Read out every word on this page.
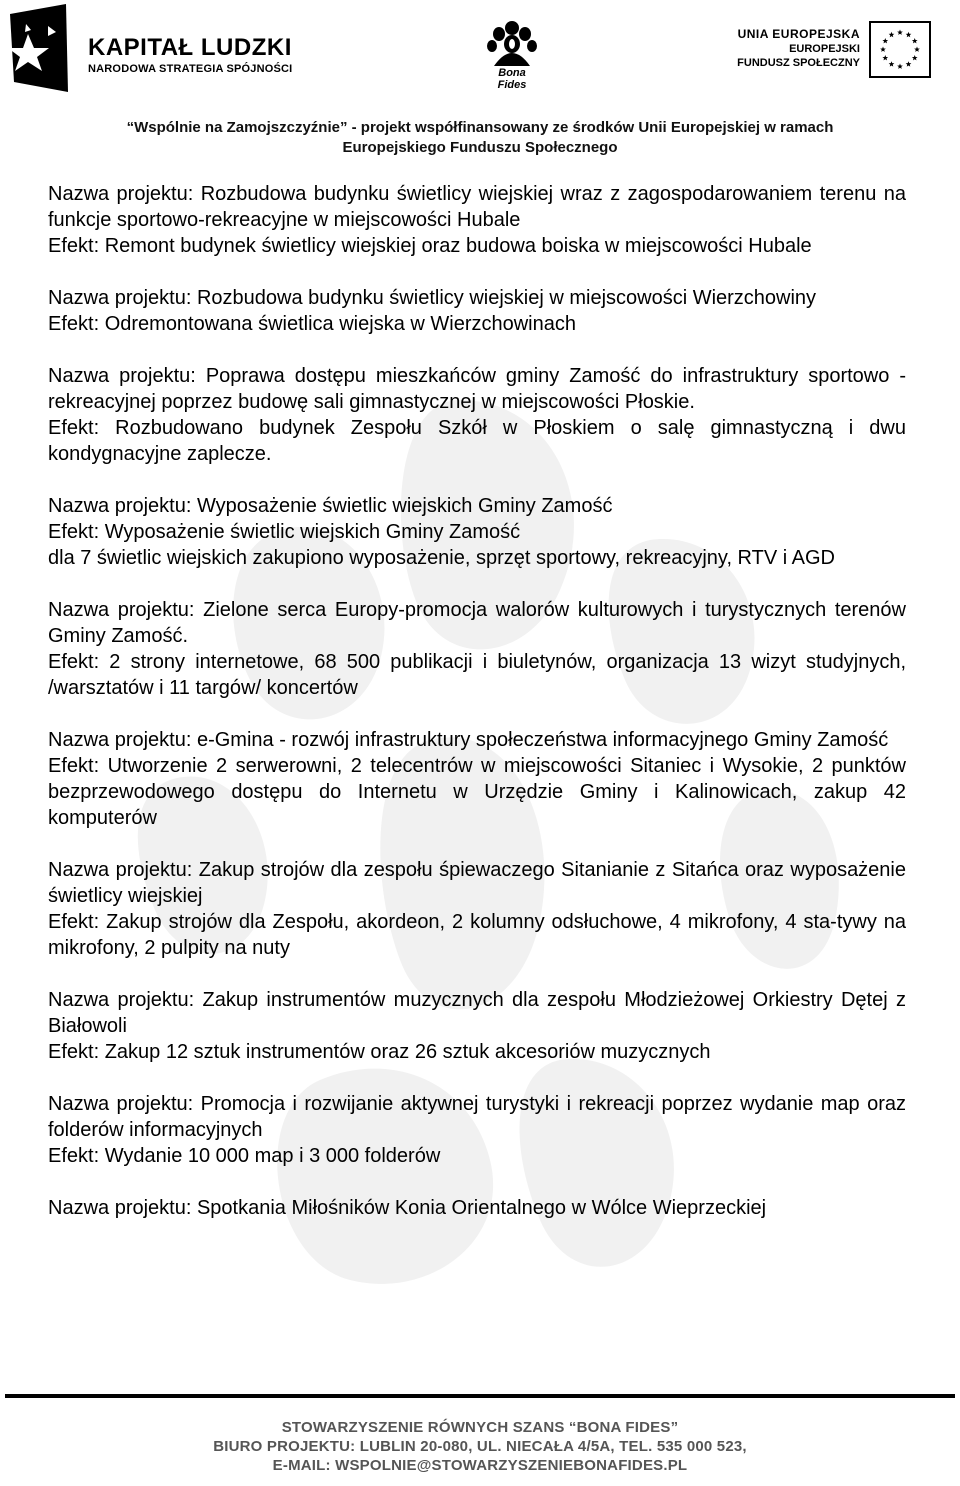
KAPITAŁ LUDZKI
NARODOWA STRATEGIA SPÓJNOŚCI	Bona Fides
UNIA EUROPEJSKA
EUROPEJSKI
FUNDUSZ SPOŁECZNY
“Wspólnie na Zamojszczyźnie” - projekt współfinansowany ze środków Unii Europejskiej w ramach
Europejskiego Funduszu Społecznego

Nazwa projektu: Rozbudowa budynku świetlicy wiejskiej wraz z zagospodarowaniem terenu na funkcje sportowo-rekreacyjne w miejscowości Hubale

Efekt: Remont budynek świetlicy wiejskiej oraz budowa boiska w miejscowości Hubale

Nazwa projektu: Rozbudowa budynku świetlicy wiejskiej w miejscowości Wierzchowiny

Efekt: Odremontowana świetlica wiejska w Wierzchowinach

Nazwa projektu: Poprawa dostępu mieszkańców gminy Zamość do infrastruktury sportowo - rekreacyjnej poprzez budowę sali gimnastycznej w miejscowości Płoskie.

Efekt: Rozbudowano budynek Zespołu Szkół w Płoskiem o salę gimnastyczną i dwu kondygnacyjne zaplecze.

Nazwa projektu: Wyposażenie świetlic wiejskich Gminy Zamość

Efekt: Wyposażenie świetlic wiejskich Gminy Zamość

dla 7 świetlic wiejskich zakupiono wyposażenie, sprzęt sportowy, rekreacyjny, RTV i AGD

Nazwa projektu: Zielone serca Europy-promocja walorów kulturowych i turystycznych terenów Gminy Zamość.

Efekt: 2 strony internetowe, 68 500 publikacji i biuletynów, organizacja 13 wizyt studyjnych, /warsztatów i 11 targów/ koncertów

Nazwa projektu: e-Gmina - rozwój infrastruktury społeczeństwa informacyjnego Gminy Zamość

Efekt: Utworzenie 2 serwerowni, 2 telecentrów w miejscowości Sitaniec i Wysokie, 2 punktów bezprzewodowego dostępu do Internetu w Urzędzie Gminy i Kalinowicach, zakup 42 komputerów

Nazwa projektu: Zakup strojów dla zespołu śpiewaczego Sitanianie z Sitańca oraz wyposażenie świetlicy wiejskiej

Efekt: Zakup strojów dla Zespołu, akordeon, 2 kolumny odsłuchowe, 4 mikrofony, 4 sta-tywy na mikrofony, 2 pulpity na nuty

Nazwa projektu: Zakup instrumentów muzycznych dla zespołu Młodzieżowej Orkiestry Dętej z Białowoli

Efekt: Zakup 12 sztuk instrumentów oraz 26 sztuk akcesoriów muzycznych

Nazwa projektu: Promocja i rozwijanie aktywnej turystyki i rekreacji poprzez wydanie map oraz folderów informacyjnych

Efekt: Wydanie 10 000 map i 3 000 folderów

Nazwa projektu: Spotkania Miłośników Konia Orientalnego w Wólce Wieprzeckiej

STOWARZYSZENIE RÓWNYCH SZANS “BONA FIDES”
BIURO PROJEKTU: LUBLIN 20-080, UL. NIECAŁA 4/5A, TEL. 535 000 523,
E-MAIL: WSPOLNIE@STOWARZYSZENIEBONAFIDES.PL
